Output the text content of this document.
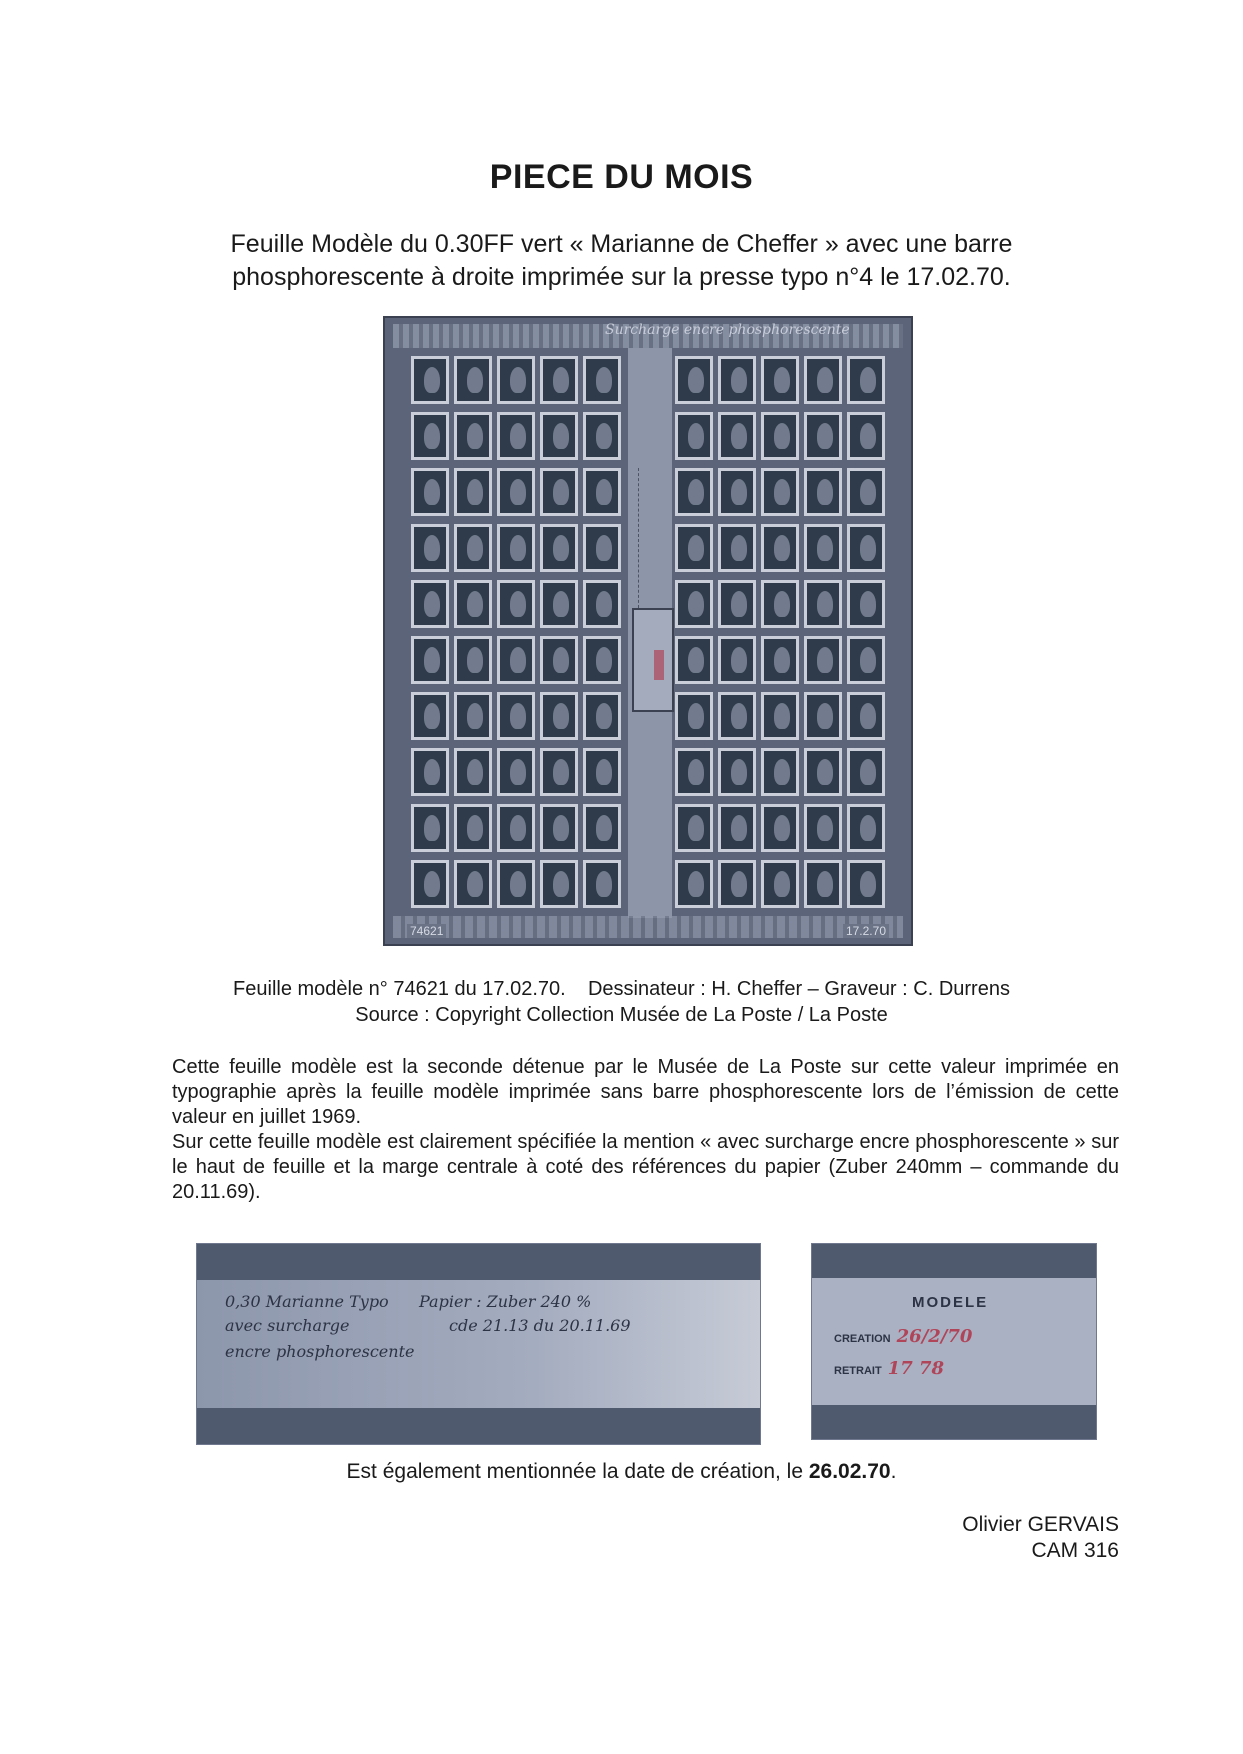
PIECE DU MOIS
Feuille Modèle du 0.30FF vert « Marianne de Cheffer » avec une barre
phosphorescente à droite imprimée sur la presse typo n°4 le 17.02.70.
Surcharge encre phosphorescente
74621	17.2.70
Feuille modèle n° 74621 du 17.02.70.    Dessinateur : H. Cheffer – Graveur : C. Durrens
Source : Copyright Collection Musée de La Poste / La Poste

Cette feuille modèle est la seconde détenue par le Musée de La Poste sur cette valeur imprimée en typographie après la feuille modèle imprimée sans barre phosphorescente lors de l’émission de cette valeur en juillet 1969.

Sur cette feuille modèle est clairement spécifiée la mention « avec surcharge encre phosphorescente » sur le haut de feuille et la marge centrale à coté des références du papier (Zuber 240mm – commande du 20.11.69).

0,30 Marianne Typo
avec surcharge
encre phosphorescente
Papier : Zuber 240 %
cde 21.13 du 20.11.69
MODELE
CREATION 26/2/70
RETRAIT 17 78
Est également mentionnée la date de création, le 26.02.70.
Olivier GERVAIS
CAM 316
